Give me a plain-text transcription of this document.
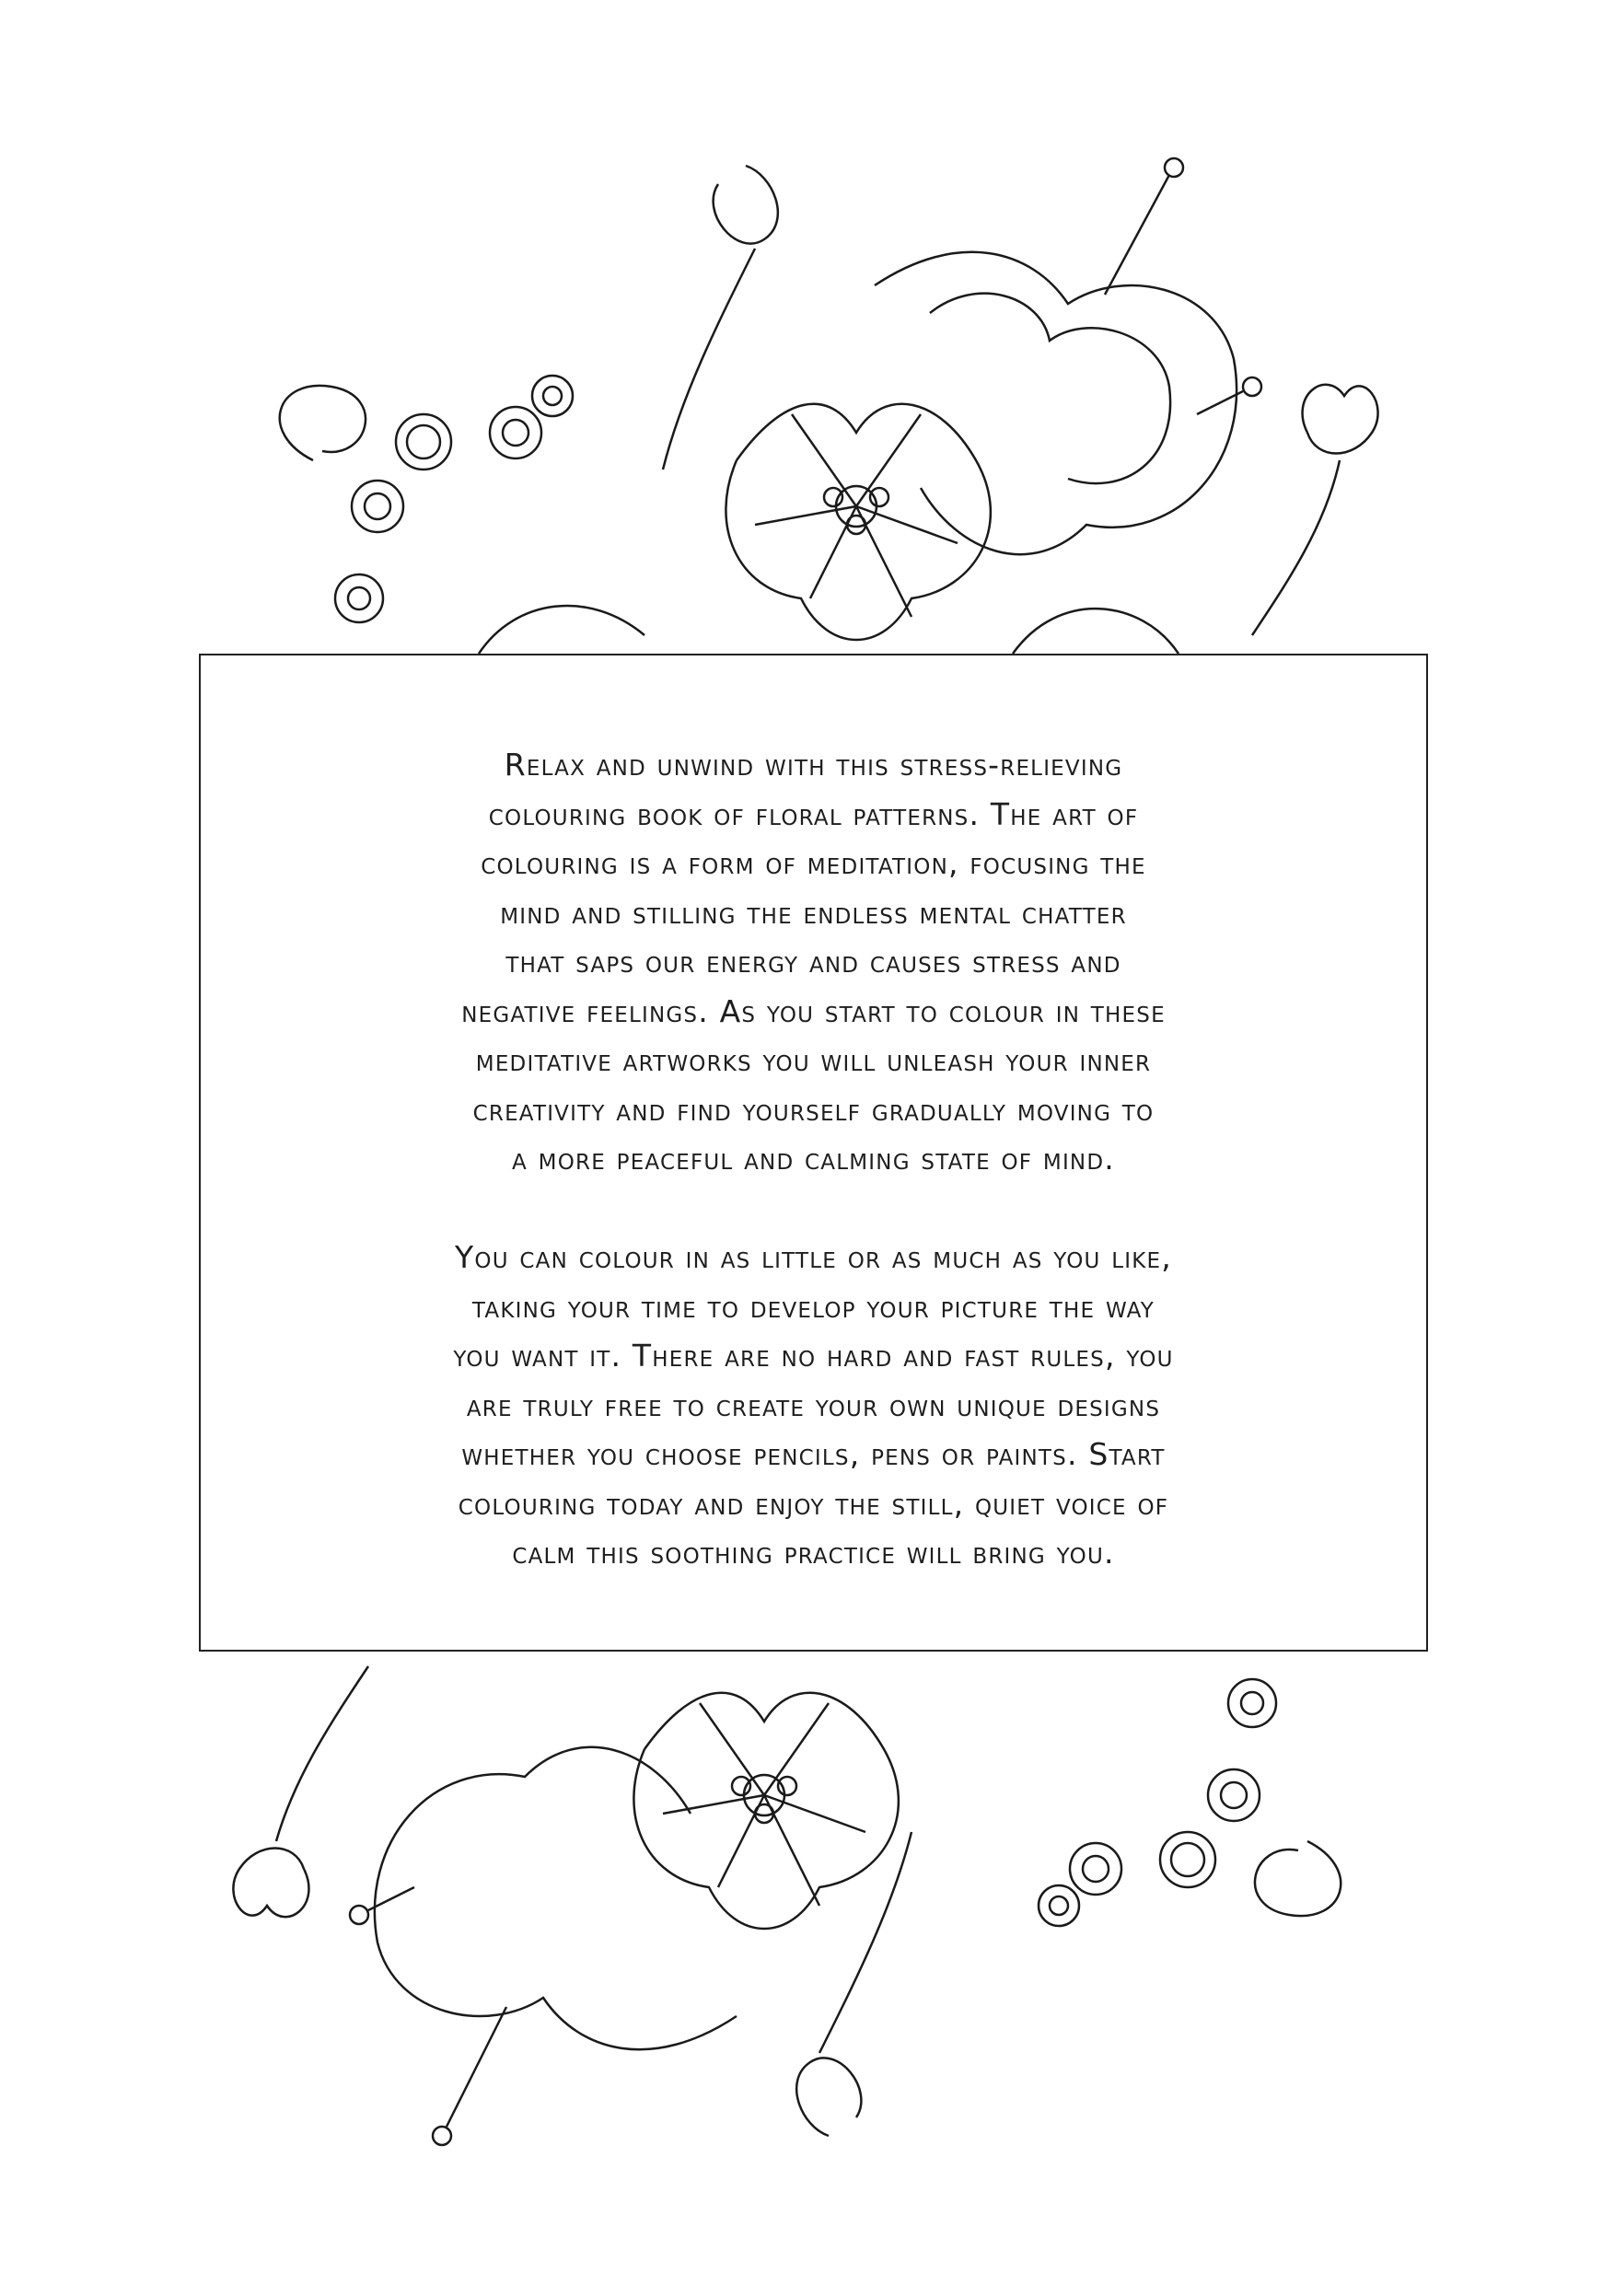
Relax and unwind with this stress-relieving
colouring book of floral patterns. The art of
colouring is a form of meditation, focusing the
mind and stilling the endless mental chatter
that saps our energy and causes stress and
negative feelings. As you start to colour in these
meditative artworks you will unleash your inner
creativity and find yourself gradually moving to
a more peaceful and calming state of mind.
You can colour in as little or as much as you like,
taking your time to develop your picture the way
you want it. There are no hard and fast rules, you
are truly free to create your own unique designs
whether you choose pencils, pens or paints. Start
colouring today and enjoy the still, quiet voice of
calm this soothing practice will bring you.
